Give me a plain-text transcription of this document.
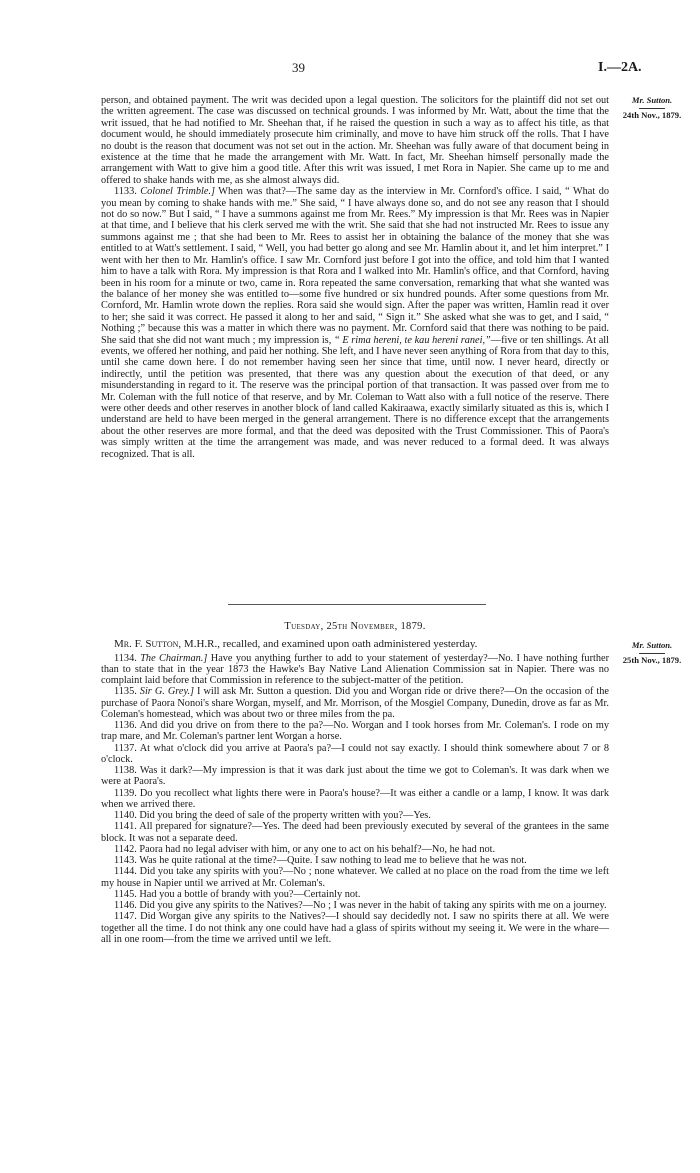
39	I.—2A.
Mr. Sutton.
24th Nov., 1879.

person, and obtained payment. The writ was decided upon a legal question. The solicitors for the plaintiff did not set out the written agreement. The case was discussed on technical grounds. I was informed by Mr. Watt, about the time that the writ issued, that he had notified to Mr. Sheehan that, if he raised the question in such a way as to affect his title, as that document would, he should immediately prosecute him criminally, and move to have him struck off the rolls. That I have no doubt is the reason that document was not set out in the action. Mr. Sheehan was fully aware of that document being in existence at the time that he made the arrangement with Mr. Watt. In fact, Mr. Sheehan himself personally made the arrangement with Watt to give him a good title. After this writ was issued, I met Rora in Napier. She came up to me and offered to shake hands with me, as she almost always did.

1133. Colonel Trimble.] When was that?—The same day as the interview in Mr. Cornford's office. I said, “ What do you mean by coming to shake hands with me.” She said, “ I have always done so, and do not see any reason that I should not do so now.” But I said, “ I have a summons against me from Mr. Rees.” My impression is that Mr. Rees was in Napier at that time, and I believe that his clerk served me with the writ. She said that she had not instructed Mr. Rees to issue any summons against me ; that she had been to Mr. Rees to assist her in obtaining the balance of the money that she was entitled to at Watt's settlement. I said, “ Well, you had better go along and see Mr. Hamlin about it, and let him interpret.” I went with her then to Mr. Hamlin's office. I saw Mr. Cornford just before I got into the office, and told him that I wanted him to have a talk with Rora. My impression is that Rora and I walked into Mr. Hamlin's office, and that Cornford, having been in his room for a minute or two, came in. Rora repeated the same conversation, remarking that what she wanted was the balance of her money she was entitled to—some five hundred or six hundred pounds. After some questions from Mr. Cornford, Mr. Hamlin wrote down the replies. Rora said she would sign. After the paper was written, Hamlin read it over to her; she said it was correct. He passed it along to her and said, “ Sign it.” She asked what she was to get, and I said, “ Nothing ;” because this was a matter in which there was no payment. Mr. Cornford said that there was nothing to be paid. She said that she did not want much ; my impression is, “ E rima hereni, te kau hereni ranei,”—five or ten shillings. At all events, we offered her nothing, and paid her nothing. She left, and I have never seen anything of Rora from that day to this, until she came down here. I do not remember having seen her since that time, until now. I never heard, directly or indirectly, until the petition was presented, that there was any question about the execution of that deed, or any misunderstanding in regard to it. The reserve was the principal portion of that transaction. It was passed over from me to Mr. Coleman with the full notice of that reserve, and by Mr. Coleman to Watt also with a full notice of the reserve. There were other deeds and other reserves in another block of land called Kakiraawa, exactly similarly situated as this is, which I understand are held to have been merged in the general arrangement. There is no difference except that the arrangements about the other reserves are more formal, and that the deed was deposited with the Trust Commissioner. This of Paora's was simply written at the time the arrangement was made, and was never reduced to a formal deed. It was always recognized. That is all.

Tuesday, 25th November, 1879.
Mr. Sutton.
25th Nov., 1879.

Mr. F. Sutton, M.H.R., recalled, and examined upon oath administered yesterday.

1134. The Chairman.] Have you anything further to add to your statement of yesterday?—No. I have nothing further than to state that in the year 1873 the Hawke's Bay Native Land Alienation Commission sat in Napier. There was no complaint laid before that Commission in reference to the subject-matter of the petition.

1135. Sir G. Grey.] I will ask Mr. Sutton a question. Did you and Worgan ride or drive there?—On the occasion of the purchase of Paora Nonoi's share Worgan, myself, and Mr. Morrison, of the Mosgiel Company, Dunedin, drove as far as Mr. Coleman's homestead, which was about two or three miles from the pa.

1136. And did you drive on from there to the pa?—No. Worgan and I took horses from Mr. Coleman's. I rode on my trap mare, and Mr. Coleman's partner lent Worgan a horse.

1137. At what o'clock did you arrive at Paora's pa?—I could not say exactly. I should think somewhere about 7 or 8 o'clock.

1138. Was it dark?—My impression is that it was dark just about the time we got to Coleman's. It was dark when we were at Paora's.

1139. Do you recollect what lights there were in Paora's house?—It was either a candle or a lamp, I know. It was dark when we arrived there.

1140. Did you bring the deed of sale of the property written with you?—Yes.

1141. All prepared for signature?—Yes. The deed had been previously executed by several of the grantees in the same block. It was not a separate deed.

1142. Paora had no legal adviser with him, or any one to act on his behalf?—No, he had not.

1143. Was he quite rational at the time?—Quite. I saw nothing to lead me to believe that he was not.

1144. Did you take any spirits with you?—No ; none whatever. We called at no place on the road from the time we left my house in Napier until we arrived at Mr. Coleman's.

1145. Had you a bottle of brandy with you?—Certainly not.

1146. Did you give any spirits to the Natives?—No ; I was never in the habit of taking any spirits with me on a journey.

1147. Did Worgan give any spirits to the Natives?—I should say decidedly not. I saw no spirits there at all. We were together all the time. I do not think any one could have had a glass of spirits without my seeing it. We were in the whare—all in one room—from the time we arrived until we left.
